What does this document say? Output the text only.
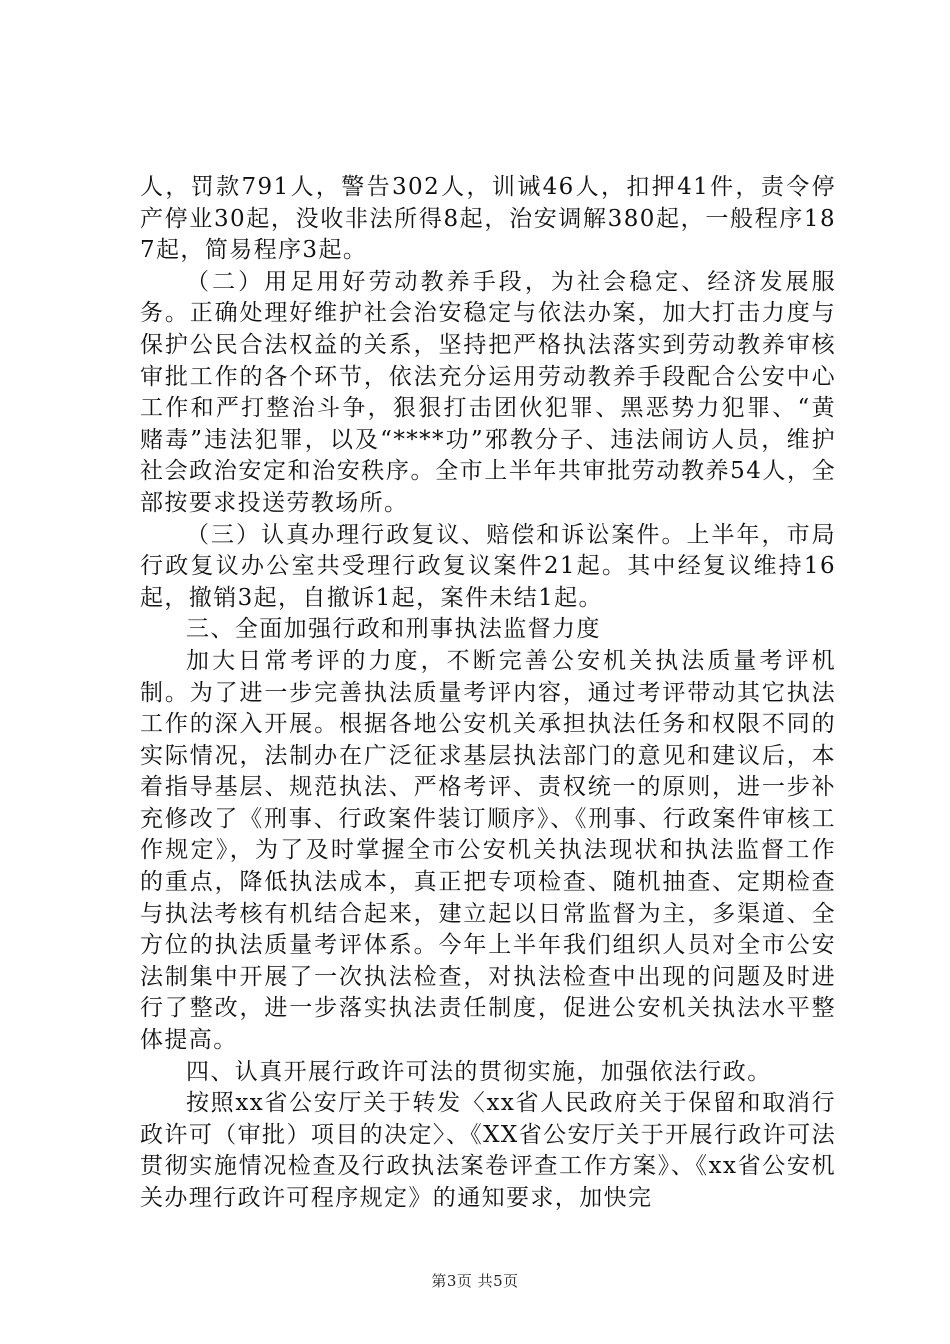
人，罚款791人，警告302人，训诫46人，扣押41件，责令停产停业30起，没收非法所得8起，治安调解380起，一般程序187起，简易程序3起。

（二）用足用好劳动教养手段，为社会稳定、经济发展服务。正确处理好维护社会治安稳定与依法办案，加大打击力度与保护公民合法权益的关系，坚持把严格执法落实到劳动教养审核审批工作的各个环节，依法充分运用劳动教养手段配合公安中心工作和严打整治斗争，狠狠打击团伙犯罪、黑恶势力犯罪、“黄赌毒”违法犯罪，以及“****功”邪教分子、违法闹访人员，维护社会政治安定和治安秩序。全市上半年共审批劳动教养54人，全部按要求投送劳教场所。

（三）认真办理行政复议、赔偿和诉讼案件。上半年，市局行政复议办公室共受理行政复议案件21起。其中经复议维持16起，撤销3起，自撤诉1起，案件未结1起。

三、全面加强行政和刑事执法监督力度

加大日常考评的力度，不断完善公安机关执法质量考评机制。为了进一步完善执法质量考评内容，通过考评带动其它执法工作的深入开展。根据各地公安机关承担执法任务和权限不同的实际情况，法制办在广泛征求基层执法部门的意见和建议后，本着指导基层、规范执法、严格考评、责权统一的原则，进一步补充修改了《刑事、行政案件装订顺序》、《刑事、行政案件审核工作规定》，为了及时掌握全市公安机关执法现状和执法监督工作的重点，降低执法成本，真正把专项检查、随机抽查、定期检查与执法考核有机结合起来，建立起以日常监督为主，多渠道、全方位的执法质量考评体系。今年上半年我们组织人员对全市公安法制集中开展了一次执法检查，对执法检查中出现的问题及时进行了整改，进一步落实执法责任制度，促进公安机关执法水平整体提高。

四、认真开展行政许可法的贯彻实施，加强依法行政。

按照xx省公安厅关于转发〈xx省人民政府关于保留和取消行政许可（审批）项目的决定〉、《XX省公安厅关于开展行政许可法贯彻实施情况检查及行政执法案卷评查工作方案》、《xx省公安机关办理行政许可程序规定》的通知要求，加快完

第3页 共5页
